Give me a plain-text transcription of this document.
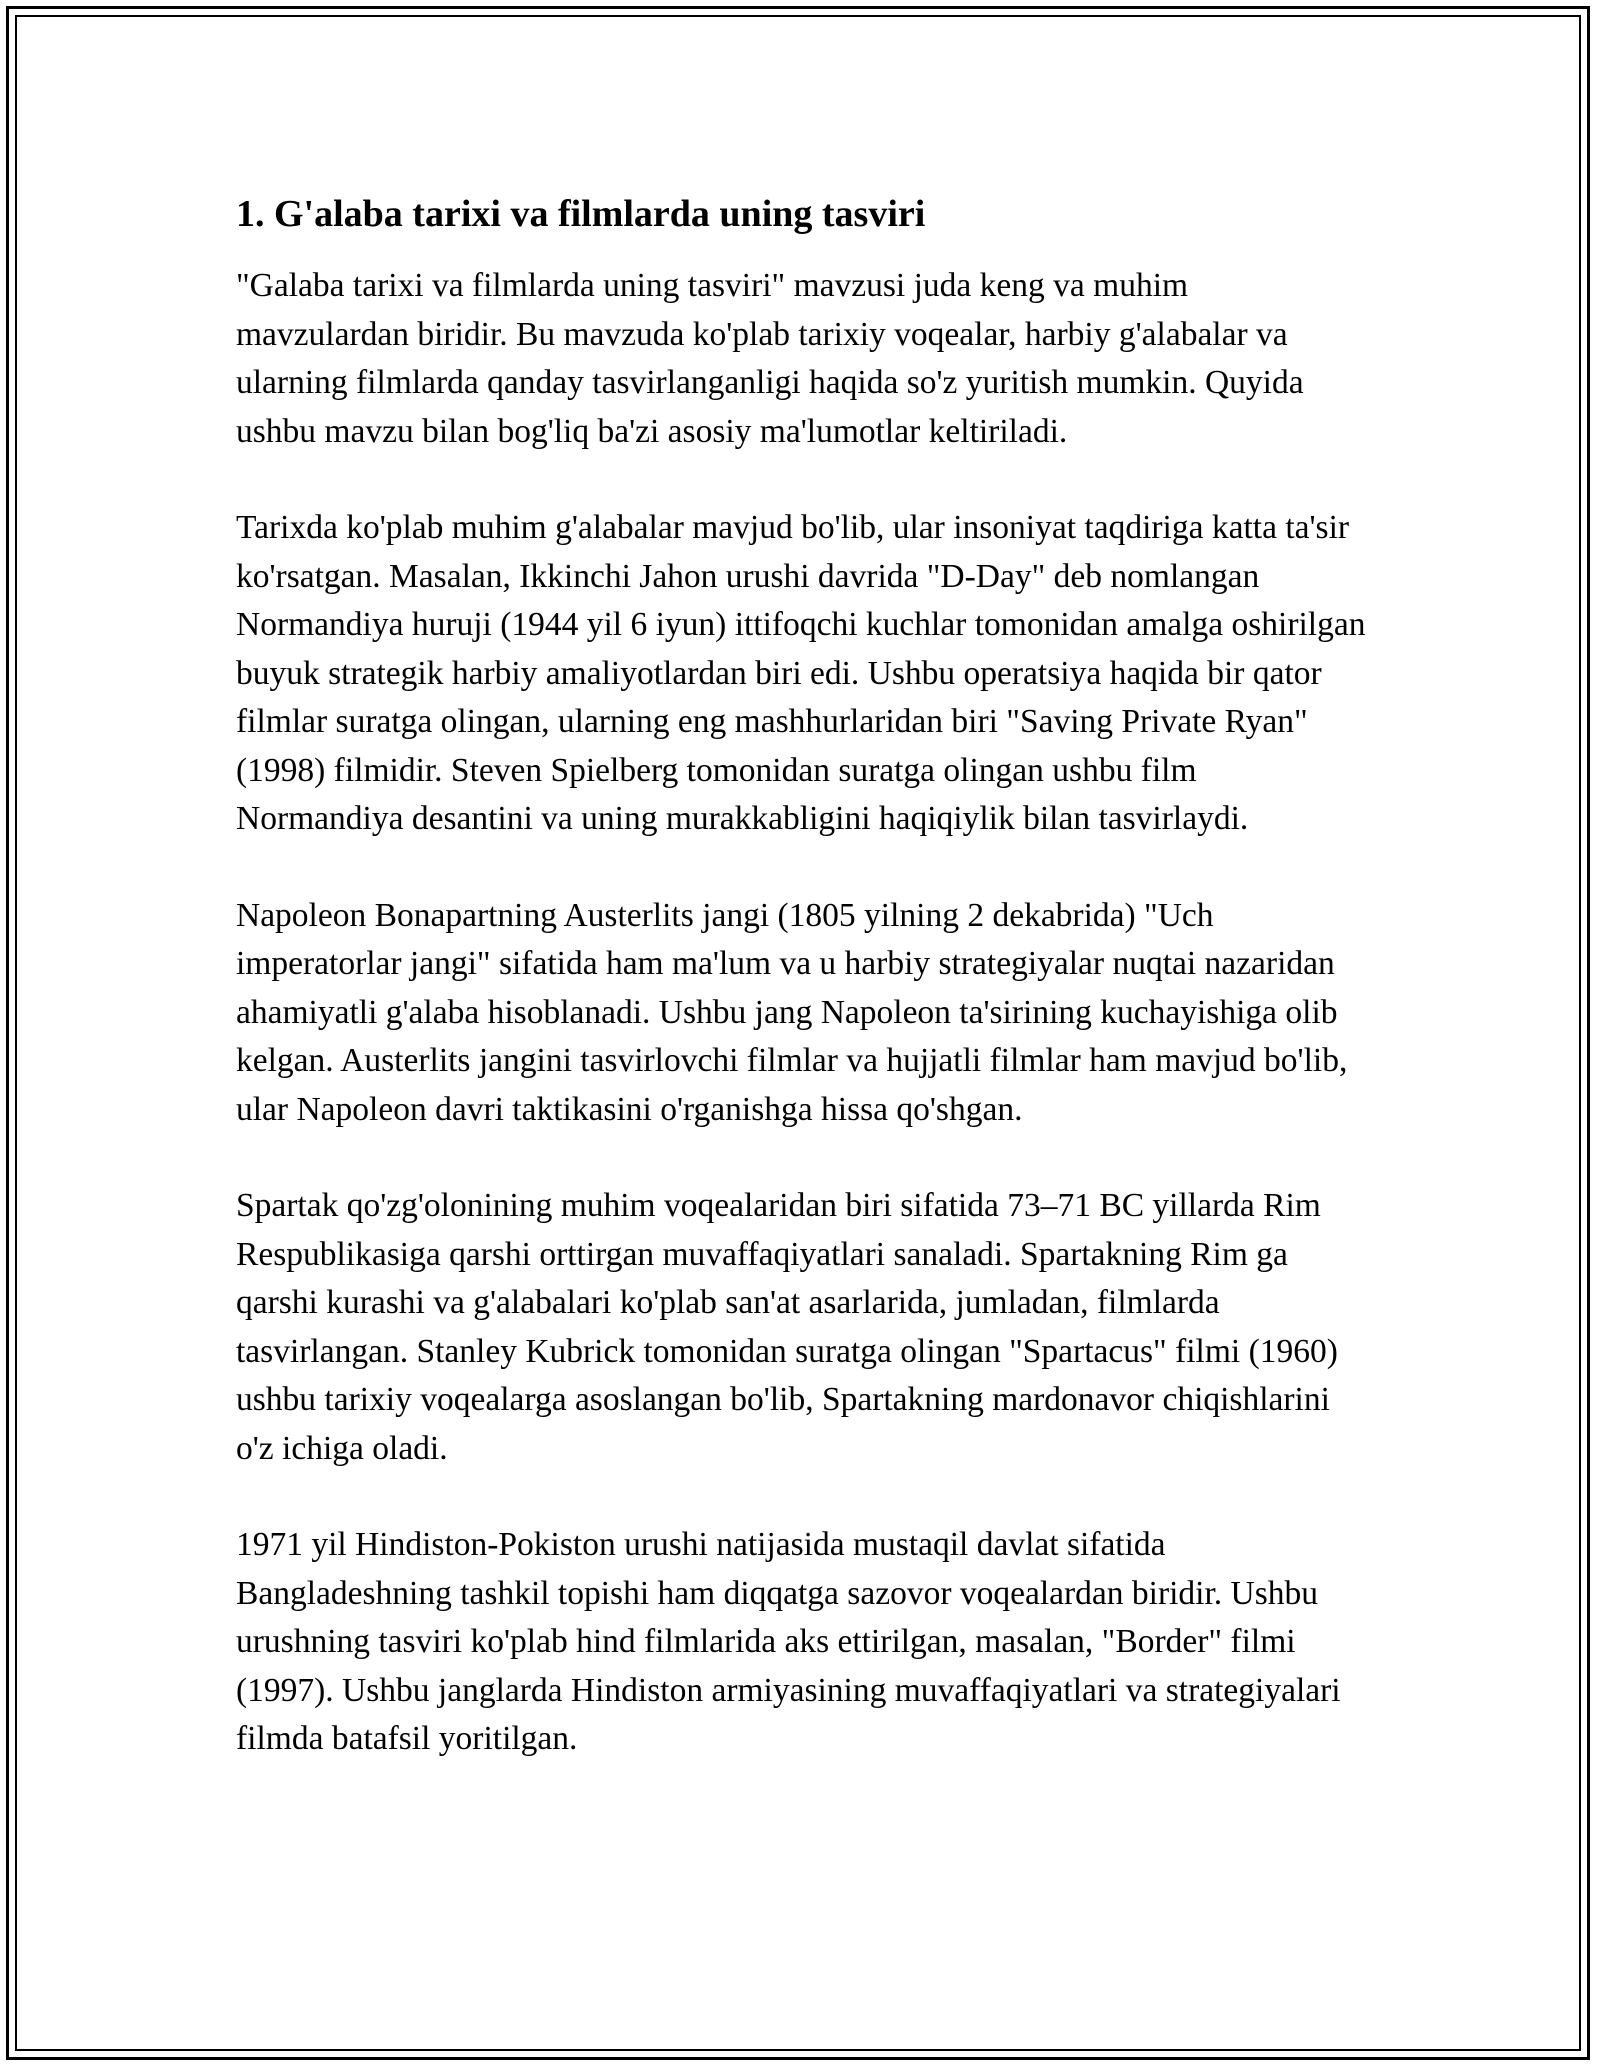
1. G'alaba tarixi va filmlarda uning tasviri

"Galaba tarixi va filmlarda uning tasviri" mavzusi juda keng va muhim mavzulardan biridir. Bu mavzuda ko'plab tarixiy voqealar, harbiy g'alabalar va ularning filmlarda qanday tasvirlanganligi haqida so'z yuritish mumkin. Quyida ushbu mavzu bilan bog'liq ba'zi asosiy ma'lumotlar keltiriladi.

Tarixda ko'plab muhim g'alabalar mavjud bo'lib, ular insoniyat taqdiriga katta ta'sir ko'rsatgan. Masalan, Ikkinchi Jahon urushi davrida "D-Day" deb nomlangan Normandiya huruji (1944 yil 6 iyun) ittifoqchi kuchlar tomonidan amalga oshirilgan buyuk strategik harbiy amaliyotlardan biri edi. Ushbu operatsiya haqida bir qator filmlar suratga olingan, ularning eng mashhurlaridan biri "Saving Private Ryan" (1998) filmidir. Steven Spielberg tomonidan suratga olingan ushbu film Normandiya desantini va uning murakkabligini haqiqiylik bilan tasvirlaydi.

Napoleon Bonapartning Austerlits jangi (1805 yilning 2 dekabrida) "Uch imperatorlar jangi" sifatida ham ma'lum va u harbiy strategiyalar nuqtai nazaridan ahamiyatli g'alaba hisoblanadi. Ushbu jang Napoleon ta'sirining kuchayishiga olib kelgan. Austerlits jangini tasvirlovchi filmlar va hujjatli filmlar ham mavjud bo'lib, ular Napoleon davri taktikasini o'rganishga hissa qo'shgan.

Spartak qo'zg'olonining muhim voqealaridan biri sifatida 73–71 BC yillarda Rim Respublikasiga qarshi orttirgan muvaffaqiyatlari sanaladi. Spartakning Rim ga qarshi kurashi va g'alabalari ko'plab san'at asarlarida, jumladan, filmlarda tasvirlangan. Stanley Kubrick tomonidan suratga olingan "Spartacus" filmi (1960) ushbu tarixiy voqealarga asoslangan bo'lib, Spartakning mardonavor chiqishlarini o'z ichiga oladi.

1971 yil Hindiston-Pokiston urushi natijasida mustaqil davlat sifatida Bangladeshning tashkil topishi ham diqqatga sazovor voqealardan biridir. Ushbu urushning tasviri ko'plab hind filmlarida aks ettirilgan, masalan, "Border" filmi (1997). Ushbu janglarda Hindiston armiyasining muvaffaqiyatlari va strategiyalari filmda batafsil yoritilgan.
